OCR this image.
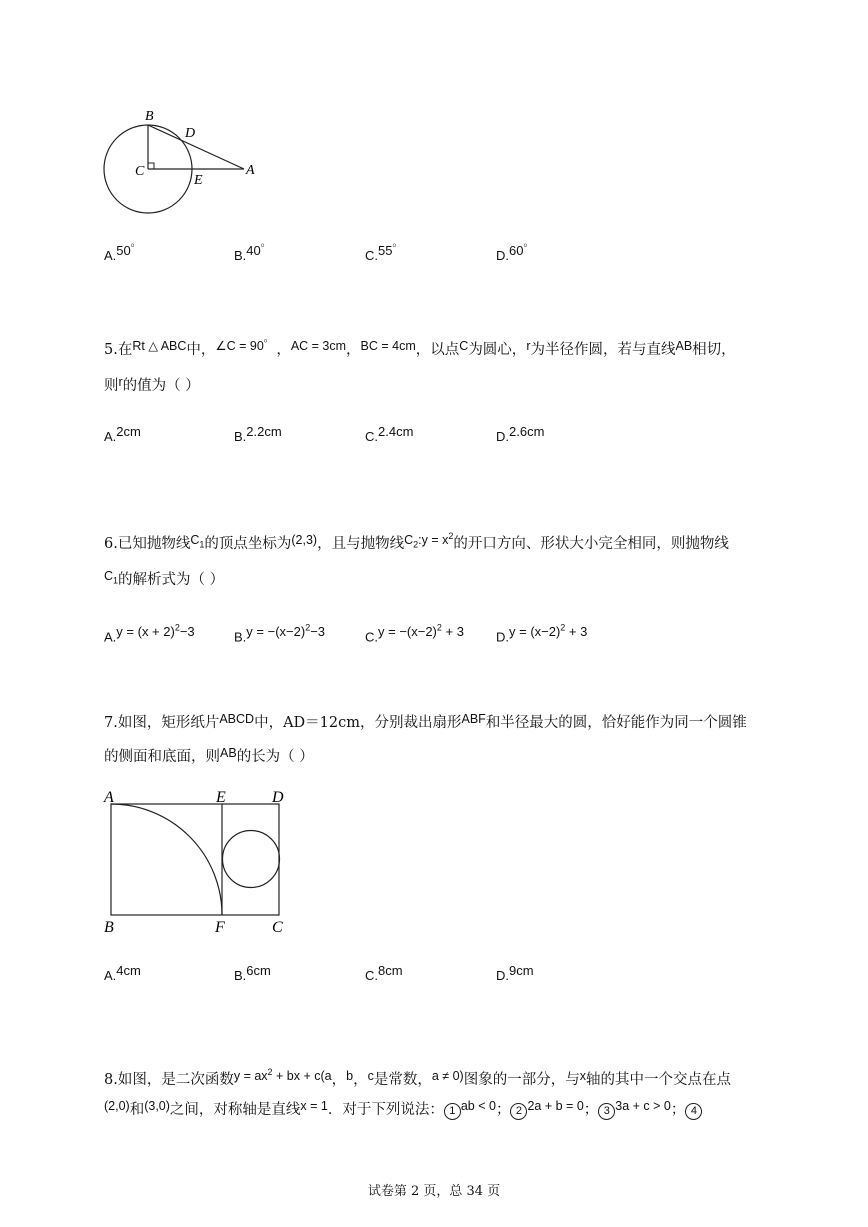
B
D
C
E
A
A.50゜	B.40゜	C.55゜	D.60゜
5.在Rt △ ABC中，∠C = 90゜，AC = 3cm，BC = 4cm，以点C为圆心，r为半径作圆，若与直线AB相切，
则r的值为（ ）
A.2cm	B.2.2cm	C.2.4cm	D.2.6cm
6.已知抛物线$C_1$的顶点坐标为(2,3)，且与抛物线$C_2:y = x^2$的开口方向、形状大小完全相同，则抛物线
$C_1$的解析式为（ ）
$A.y = (x + 2)^2-3$	$B.y = -(x-2)^2-3$	$C.y = -(x-2)^2 + 3$ $D.y = (x-2)^2 + 3$
7.如图，矩形纸片ABCD中，AD＝12cm，分别裁出扇形ABF和半径最大的圆，恰好能作为同一个圆锥
的侧面和底面，则AB的长为（ ）
A	E	D
B	F	C
A.4cm	B.6cm	C.8cm	D.9cm
8.如图，是二次函数$y = ax^2$ + bx + c(a，b，c是常数，a ≠ 0)图象的一部分，与x轴的其中一个交点在点
(2,0)和(3,0)之间，对称轴是直线x = 1．对于下列说法： 1 ab < 0； 2 2a + b = 0； 3 3a + c > 0； 4
试卷第 2 页，总 34 页
